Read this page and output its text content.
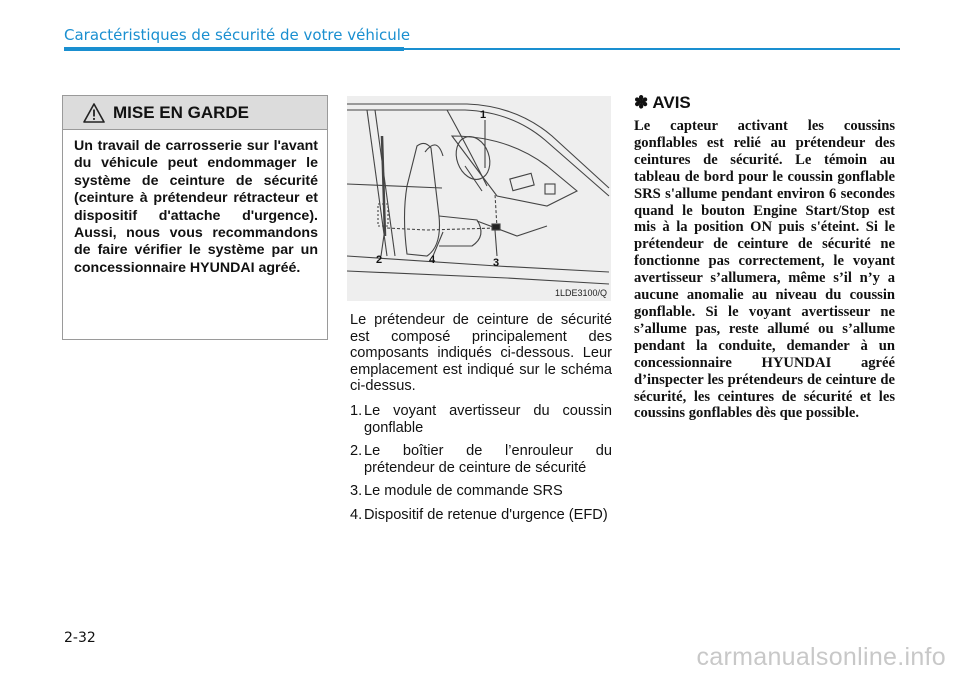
Caractéristiques de sécurité de votre véhicule
MISE EN GARDE
Un travail de carrosserie sur l'avant du véhicule peut endommager le système de ceinture de sécurité (ceinture à prétendeur rétracteur et dispositif d'attache d'urgence). Aussi, nous vous recommandons de faire vérifier le système par un concessionnaire HYUNDAI agréé.
1
2	4	3
1LDE3100/Q

Le prétendeur de ceinture de sécurité est composé principalement des composants indiqués ci-dessous. Leur emplacement est indiqué sur le schéma ci-dessus.

1. Le voyant avertisseur du coussin gonflable
2. Le boîtier de l’enrouleur du prétendeur de ceinture de sécurité
3. Le module de commande SRS
4. Dispositif de retenue d'urgence (EFD)
✽ AVIS
Le capteur activant les coussins gonflables est relié au prétendeur des ceintures de sécurité. Le témoin au tableau de bord pour le coussin gonflable SRS s'allume pendant environ 6 secondes quand le bouton Engine Start/Stop est mis à la position ON puis s'éteint. Si le prétendeur de ceinture de sécurité ne fonctionne pas correctement, le voyant avertisseur s’allumera, même s’il n’y a aucune anomalie au niveau du coussin gonflable. Si le voyant avertisseur ne s’allume pas, reste allumé ou s’allume pendant la conduite, demander à un concessionnaire HYUNDAI agréé d’inspecter les prétendeurs de ceinture de sécurité, les ceintures de sécurité et les coussins gonflables dès que possible.
2-32
carmanualsonline.info
